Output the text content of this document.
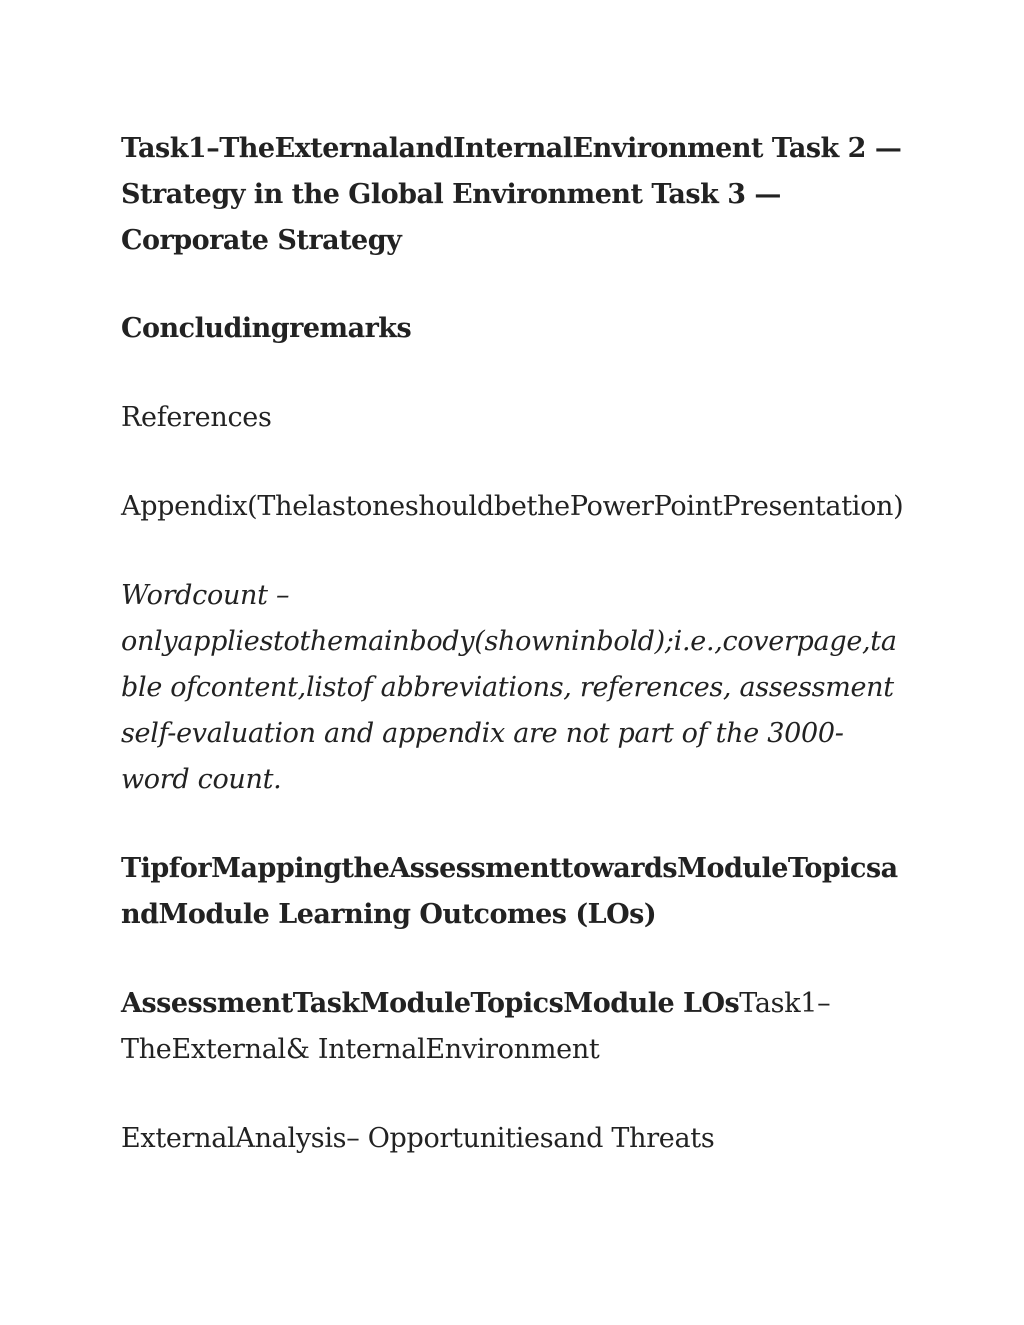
Task1–TheExternalandInternalEnvironment Task 2 — Strategy in the Global Environment Task 3 — Corporate Strategy

Concludingremarks

References

Appendix(ThelastoneshouldbethePowerPointPresentation)

Wordcount – onlyappliestothemainbody(showninbold);i.e.,coverpage,table ofcontent,listof abbreviations, references, assessment self-evaluation and appendix are not part of the 3000-word count.

TipforMappingtheAssessmenttowardsModuleTopicsa ndModule Learning Outcomes (LOs)

AssessmentTaskModuleTopicsModule LOsTask1– TheExternal& InternalEnvironment

ExternalAnalysis– Opportunitiesand Threats
